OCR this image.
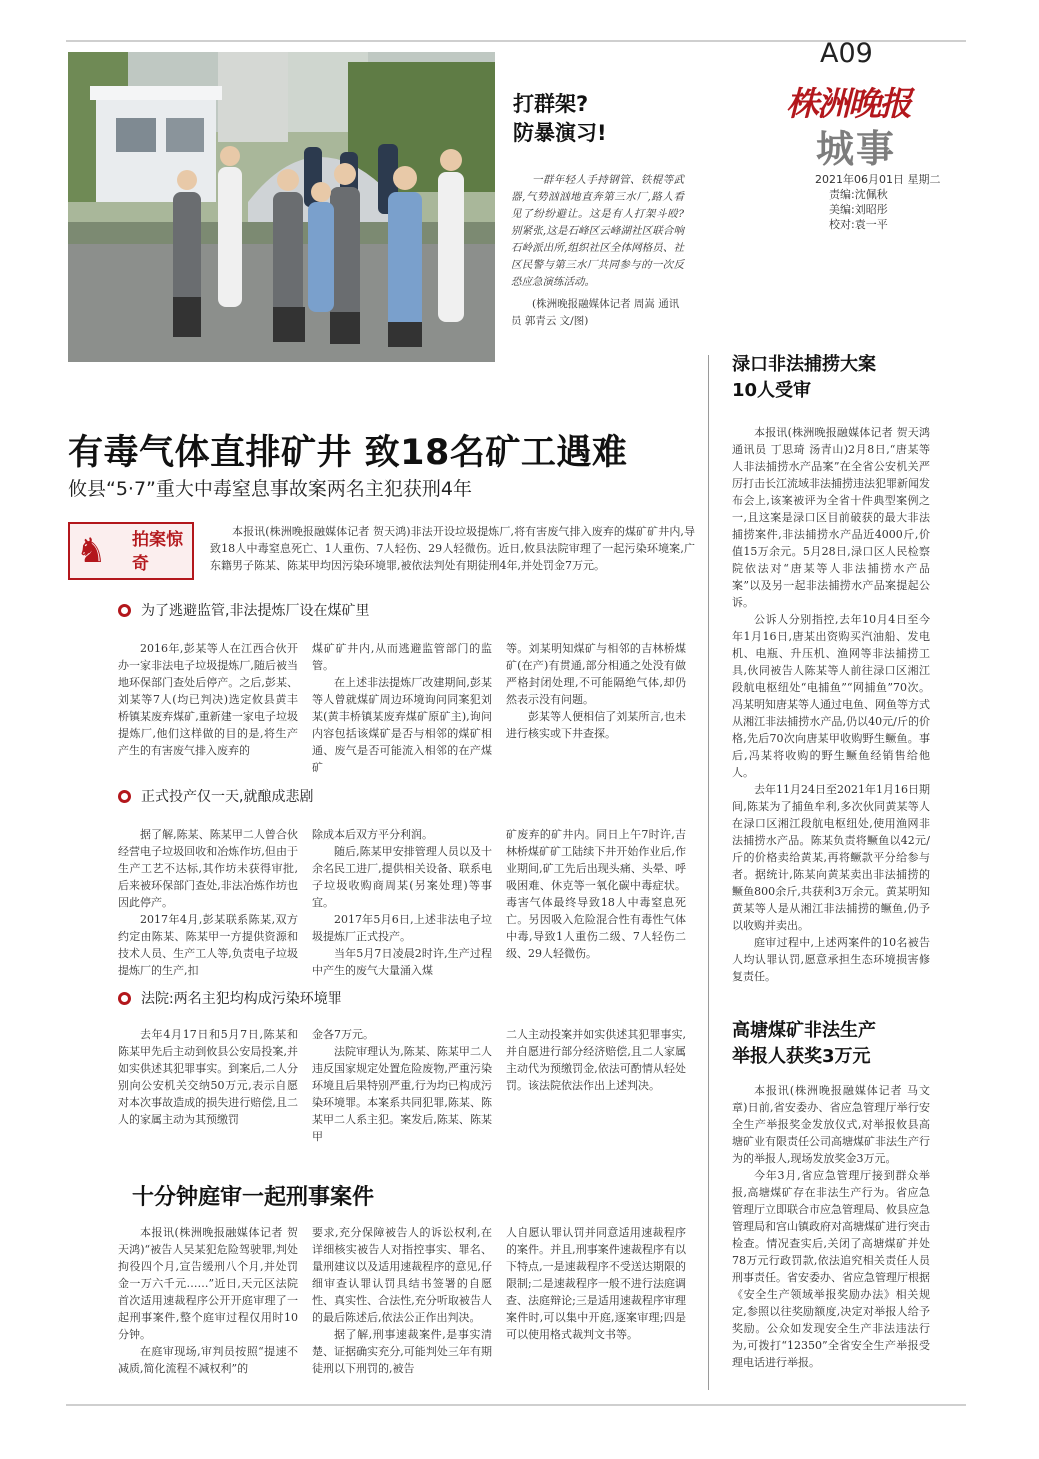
A09
株洲晚报
城事
2021年06月01日 星期二
责编:沈佩秋
美编:刘昭彤
校对:袁一平
打群架?
防暴演习!
一群年轻人手持钢管、铁棍等武器,气势汹汹地直奔第三水厂,路人看见了纷纷避让。这是有人打架斗殴?别紧张,这是石峰区云峰湖社区联合响石岭派出所,组织社区全体网格员、社区民警与第三水厂共同参与的一次反恐应急演练活动。
(株洲晚报融媒体记者 周嵩 通讯员 郭青云 文/图)
有毒气体直排矿井 致18名矿工遇难
攸县“5·7”重大中毒窒息事故案两名主犯获刑4年
♞ 拍案惊奇
本报讯(株洲晚报融媒体记者 贺天鸿)非法开设垃圾提炼厂,将有害废气排入废弃的煤矿矿井内,导致18人中毒窒息死亡、1人重伤、7人轻伤、29人轻微伤。近日,攸县法院审理了一起污染环境案,广东籍男子陈某、陈某甲均因污染环境罪,被依法判处有期徒刑4年,并处罚金7万元。
为了逃避监管,非法提炼厂设在煤矿里

2016年,彭某等人在江西合伙开办一家非法电子垃圾提炼厂,随后被当地环保部门查处后停产。之后,彭某、刘某等7人(均已判决)选定攸县黄丰桥镇某废弃煤矿,重新建一家电子垃圾提炼厂,他们这样做的目的是,将生产产生的有害废气排入废弃的

煤矿矿井内,从而逃避监管部门的监管。

在上述非法提炼厂改建期间,彭某等人曾就煤矿周边环境询问同案犯刘某(黄丰桥镇某废弃煤矿原矿主),询问内容包括该煤矿是否与相邻的煤矿相通、废气是否可能流入相邻的在产煤矿

等。刘某明知煤矿与相邻的吉林桥煤矿(在产)有贯通,部分相通之处没有做严格封闭处理,不可能隔绝气体,却仍然表示没有问题。

彭某等人便相信了刘某所言,也未进行核实或下井查探。

正式投产仅一天,就酿成悲剧

据了解,陈某、陈某甲二人曾合伙经营电子垃圾回收和冶炼作坊,但由于生产工艺不达标,其作坊未获得审批,后来被环保部门查处,非法冶炼作坊也因此停产。

2017年4月,彭某联系陈某,双方约定由陈某、陈某甲一方提供资源和技术人员、生产工人等,负责电子垃圾提炼厂的生产,扣

除成本后双方平分利润。

随后,陈某甲安排管理人员以及十余名民工进厂,提供相关设备、联系电子垃圾收购商周某(另案处理)等事宜。

2017年5月6日,上述非法电子垃圾提炼厂正式投产。

当年5月7日凌晨2时许,生产过程中产生的废气大量涌入煤

矿废弃的矿井内。同日上午7时许,吉林桥煤矿矿工陆续下井开始作业后,作业期间,矿工先后出现头痛、头晕、呼吸困难、休克等一氧化碳中毒症状。毒害气体最终导致18人中毒窒息死亡。另因吸入危险混合性有毒性气体中毒,导致1人重伤二级、7人轻伤二级、29人轻微伤。

法院:两名主犯均构成污染环境罪

去年4月17日和5月7日,陈某和陈某甲先后主动到攸县公安局投案,并如实供述其犯罪事实。到案后,二人分别向公安机关交纳50万元,表示自愿对本次事故造成的损失进行赔偿,且二人的家属主动为其预缴罚

金各7万元。

法院审理认为,陈某、陈某甲二人违反国家规定处置危险废物,严重污染环境且后果特别严重,行为均已构成污染环境罪。本案系共同犯罪,陈某、陈某甲二人系主犯。案发后,陈某、陈某甲

二人主动投案并如实供述其犯罪事实,并自愿进行部分经济赔偿,且二人家属主动代为预缴罚金,依法可酌情从轻处罚。该法院依法作出上述判决。

十分钟庭审一起刑事案件

本报讯(株洲晚报融媒体记者 贺天鸿)“被告人吴某犯危险驾驶罪,判处拘役四个月,宣告缓刑八个月,并处罚金一万六千元……”近日,天元区法院首次适用速裁程序公开开庭审理了一起刑事案件,整个庭审过程仅用时10分钟。

在庭审现场,审判员按照“提速不减质,简化流程不减权利”的

要求,充分保障被告人的诉讼权利,在详细核实被告人对指控事实、罪名、量刑建议以及适用速裁程序的意见,仔细审查认罪认罚具结书签署的自愿性、真实性、合法性,充分听取被告人的最后陈述后,依法公正作出判决。

据了解,刑事速裁案件,是事实清楚、证据确实充分,可能判处三年有期徒刑以下刑罚的,被告

人自愿认罪认罚并同意适用速裁程序的案件。并且,刑事案件速裁程序有以下特点,一是速裁程序不受送达期限的限制;二是速裁程序一般不进行法庭调查、法庭辩论;三是适用速裁程序审理案件时,可以集中开庭,逐案审理;四是可以使用格式裁判文书等。

渌口非法捕捞大案
10人受审

本报讯(株洲晚报融媒体记者 贺天鸿 通讯员 丁思琦 汤青山)2月8日,“唐某等人非法捕捞水产品案”在全省公安机关严厉打击长江流域非法捕捞违法犯罪新闻发布会上,该案被评为全省十件典型案例之一,且这案是渌口区目前破获的最大非法捕捞案件,非法捕捞水产品近4000斤,价值15万余元。5月28日,渌口区人民检察院依法对“唐某等人非法捕捞水产品案”以及另一起非法捕捞水产品案提起公诉。

公诉人分别指控,去年10月4日至今年1月16日,唐某出资购买汽油船、发电机、电瓶、升压机、渔网等非法捕捞工具,伙同被告人陈某等人前往渌口区湘江段航电枢纽处“电捕鱼”“网捕鱼”70次。冯某明知唐某等人通过电鱼、网鱼等方式从湘江非法捕捞水产品,仍以40元/斤的价格,先后70次向唐某甲收购野生鳜鱼。事后,冯某将收购的野生鳜鱼经销售给他人。

去年11月24日至2021年1月16日期间,陈某为了捕鱼牟利,多次伙同黄某等人在渌口区湘江段航电枢纽处,使用渔网非法捕捞水产品。陈某负责将鳜鱼以42元/斤的价格卖给黄某,再将鳜款平分给参与者。据统计,陈某向黄某卖出非法捕捞的鳜鱼800余斤,共获利3万余元。黄某明知黄某等人是从湘江非法捕捞的鳜鱼,仍予以收购并卖出。

庭审过程中,上述两案件的10名被告人均认罪认罚,愿意承担生态环境损害修复责任。

高塘煤矿非法生产
举报人获奖3万元

本报讯(株洲晚报融媒体记者 马文章)日前,省安委办、省应急管理厅举行安全生产举报奖金发放仪式,对举报攸县高塘矿业有限责任公司高塘煤矿非法生产行为的举报人,现场发放奖金3万元。

今年3月,省应急管理厅接到群众举报,高塘煤矿存在非法生产行为。省应急管理厅立即联合市应急管理局、攸县应急管理局和宫山镇政府对高塘煤矿进行突击检查。情况查实后,关闭了高塘煤矿并处78万元行政罚款,依法追究相关责任人员刑事责任。省安委办、省应急管理厅根据《安全生产领域举报奖励办法》相关规定,参照以往奖励额度,决定对举报人给予奖励。公众如发现安全生产非法违法行为,可拨打“12350”全省安全生产举报受理电话进行举报。
